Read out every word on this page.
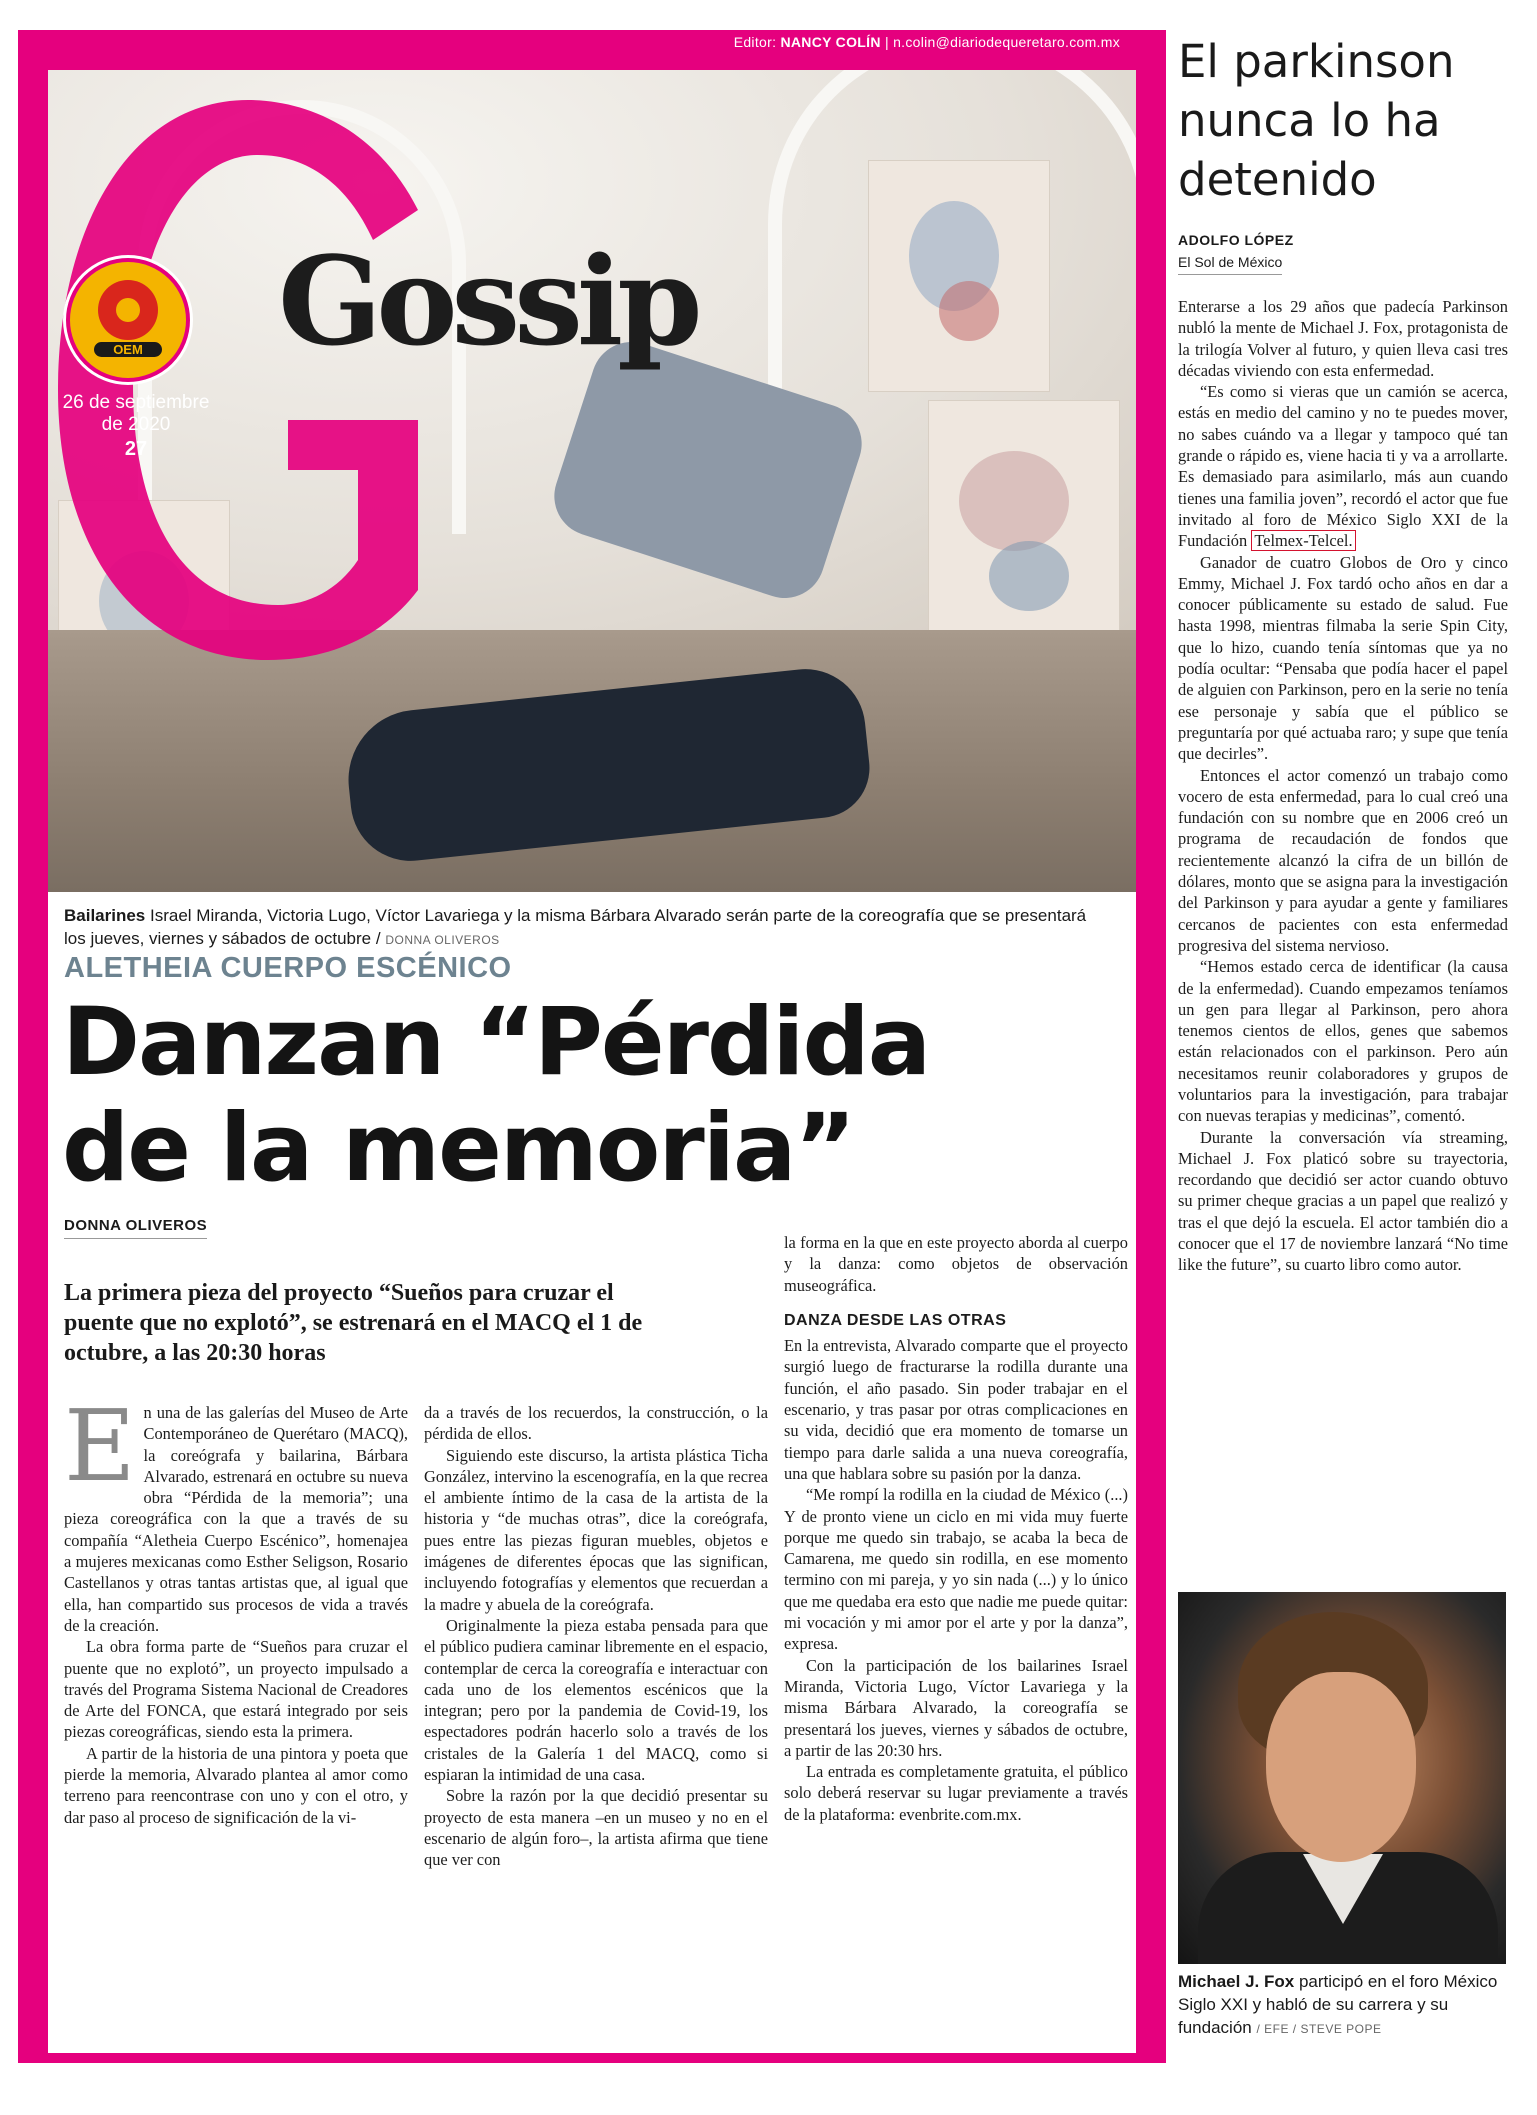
Editor: NANCY COLÍN | n.colin@diariodequeretaro.com.mx
Gossip
OEM
26 de septiembre de 2020
27
Bailarines Israel Miranda, Victoria Lugo, Víctor Lavariega y la misma Bárbara Alvarado serán parte de la coreografía que se presentará los jueves, viernes y sábados de octubre / DONNA OLIVEROS
ALETHEIA CUERPO ESCÉNICO
Danzan “Pérdida de la memoria”
DONNA OLIVEROS
La primera pieza del proyecto “Sueños para cruzar el puente que no explotó”, se estrenará en el MACQ el 1 de octubre, a las 20:30 horas

En una de las galerías del Museo de Arte Contemporáneo de Querétaro (MACQ), la coreógrafa y bailarina, Bárbara Alvarado, estrenará en octubre su nueva obra “Pérdida de la memoria”; una pieza coreográfica con la que a través de su compañía “Aletheia Cuerpo Escénico”, homenajea a mujeres mexicanas como Esther Seligson, Rosario Castellanos y otras tantas artistas que, al igual que ella, han compartido sus procesos de vida a través de la creación.

La obra forma parte de “Sueños para cruzar el puente que no explotó”, un proyecto impulsado a través del Programa Sistema Nacional de Creadores de Arte del FONCA, que estará integrado por seis piezas coreográficas, siendo esta la primera.

A partir de la historia de una pintora y poeta que pierde la memoria, Alvarado plantea al amor como terreno para reencontrase con uno y con el otro, y dar paso al proceso de significación de la vi-

da a través de los recuerdos, la construcción, o la pérdida de ellos.

Siguiendo este discurso, la artista plástica Ticha González, intervino la escenografía, en la que recrea el ambiente íntimo de la casa de la artista de la historia y “de muchas otras”, dice la coreógrafa, pues entre las piezas figuran muebles, objetos e imágenes de diferentes épocas que las significan, incluyendo fotografías y elementos que recuerdan a la madre y abuela de la coreógrafa.

Originalmente la pieza estaba pensada para que el público pudiera caminar libremente en el espacio, contemplar de cerca la coreografía e interactuar con cada uno de los elementos escénicos que la integran; pero por la pandemia de Covid-19, los espectadores podrán hacerlo solo a través de los cristales de la Galería 1 del MACQ, como si espiaran la intimidad de una casa.

Sobre la razón por la que decidió presentar su proyecto de esta manera –en un museo y no en el escenario de algún foro–, la artista afirma que tiene que ver con

la forma en la que en este proyecto aborda al cuerpo y la danza: como objetos de observación museográfica.

DANZA DESDE LAS OTRAS

En la entrevista, Alvarado comparte que el proyecto surgió luego de fracturarse la rodilla durante una función, el año pasado. Sin poder trabajar en el escenario, y tras pasar por otras complicaciones en su vida, decidió que era momento de tomarse un tiempo para darle salida a una nueva coreografía, una que hablara sobre su pasión por la danza.

“Me rompí la rodilla en la ciudad de México (...) Y de pronto viene un ciclo en mi vida muy fuerte porque me quedo sin trabajo, se acaba la beca de Camarena, me quedo sin rodilla, en ese momento termino con mi pareja, y yo sin nada (...) y lo único que me quedaba era esto que nadie me puede quitar: mi vocación y mi amor por el arte y por la danza”, expresa.

Con la participación de los bailarines Israel Miranda, Victoria Lugo, Víctor Lavariega y la misma Bárbara Alvarado, la coreografía se presentará los jueves, viernes y sábados de octubre, a partir de las 20:30 hrs.

La entrada es completamente gratuita, el público solo deberá reservar su lugar previamente a través de la plataforma: evenbrite.com.mx.

El parkinson nunca lo ha detenido
ADOLFO LÓPEZ
El Sol de México

Enterarse a los 29 años que padecía Parkinson nubló la mente de Michael J. Fox, protagonista de la trilogía Volver al futuro, y quien lleva casi tres décadas viviendo con esta enfermedad.

“Es como si vieras que un camión se acerca, estás en medio del camino y no te puedes mover, no sabes cuándo va a llegar y tampoco qué tan grande o rápido es, viene hacia ti y va a arrollarte. Es demasiado para asimilarlo, más aun cuando tienes una familia joven”, recordó el actor que fue invitado al foro de México Siglo XXI de la Fundación Telmex-Telcel.

Ganador de cuatro Globos de Oro y cinco Emmy, Michael J. Fox tardó ocho años en dar a conocer públicamente su estado de salud. Fue hasta 1998, mientras filmaba la serie Spin City, que lo hizo, cuando tenía síntomas que ya no podía ocultar: “Pensaba que podía hacer el papel de alguien con Parkinson, pero en la serie no tenía ese personaje y sabía que el público se preguntaría por qué actuaba raro; y supe que tenía que decirles”.

Entonces el actor comenzó un trabajo como vocero de esta enfermedad, para lo cual creó una fundación con su nombre que en 2006 creó un programa de recaudación de fondos que recientemente alcanzó la cifra de un billón de dólares, monto que se asigna para la investigación del Parkinson y para ayudar a gente y familiares cercanos de pacientes con esta enfermedad progresiva del sistema nervioso.

“Hemos estado cerca de identificar (la causa de la enfermedad). Cuando empezamos teníamos un gen para llegar al Parkinson, pero ahora tenemos cientos de ellos, genes que sabemos están relacionados con el parkinson. Pero aún necesitamos reunir colaboradores y grupos de voluntarios para la investigación, para trabajar con nuevas terapias y medicinas”, comentó.

Durante la conversación vía streaming, Michael J. Fox platicó sobre su trayectoria, recordando que decidió ser actor cuando obtuvo su primer cheque gracias a un papel que realizó y tras el que dejó la escuela. El actor también dio a conocer que el 17 de noviembre lanzará “No time like the future”, su cuarto libro como autor.

Michael J. Fox participó en el foro México Siglo XXI y habló de su carrera y su fundación / EFE / STEVE POPE
